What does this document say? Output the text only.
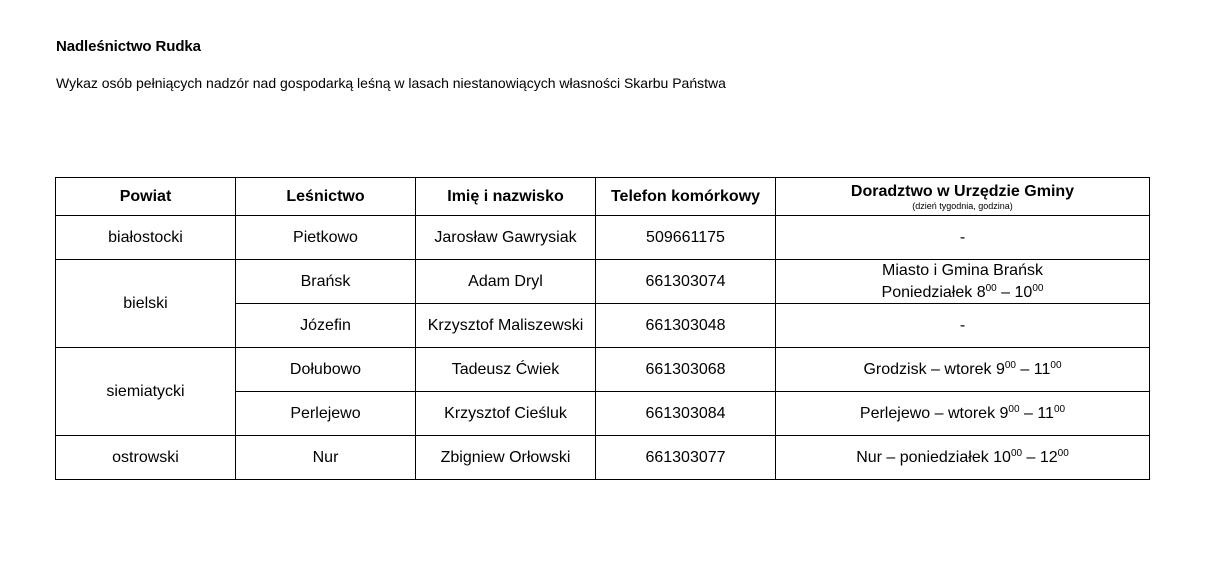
Nadleśnictwo Rudka
Wykaz osób pełniących nadzór nad gospodarką leśną w lasach niestanowiących własności Skarbu Państwa
Powiat	Leśnictwo	Imię i nazwisko	Telefon komórkowy	Doradztwo w Urzędzie Gminy
(dzień tygodnia, godzina)

białostocki	Pietkowo	Jarosław Gawrysiak	509661175	-
bielski	Brańsk	Adam Dryl	661303074	Miasto i Gmina Brańsk
Poniedziałek $8^{00} - 10^{00}$

	Józefin	Krzysztof Maliszewski	661303048	-
siemiatycki	Dołubowo	Tadeusz Ćwiek	661303068	Grodzisk – wtorek $9^{00} - 11^{00}$
	Perlejewo	Krzysztof Cieśluk	661303084	Perlejewo – wtorek $9^{00} - 11^{00}$
ostrowski	Nur	Zbigniew Orłowski	661303077	Nur – poniedziałek $10^{00} - 12^{00}$
